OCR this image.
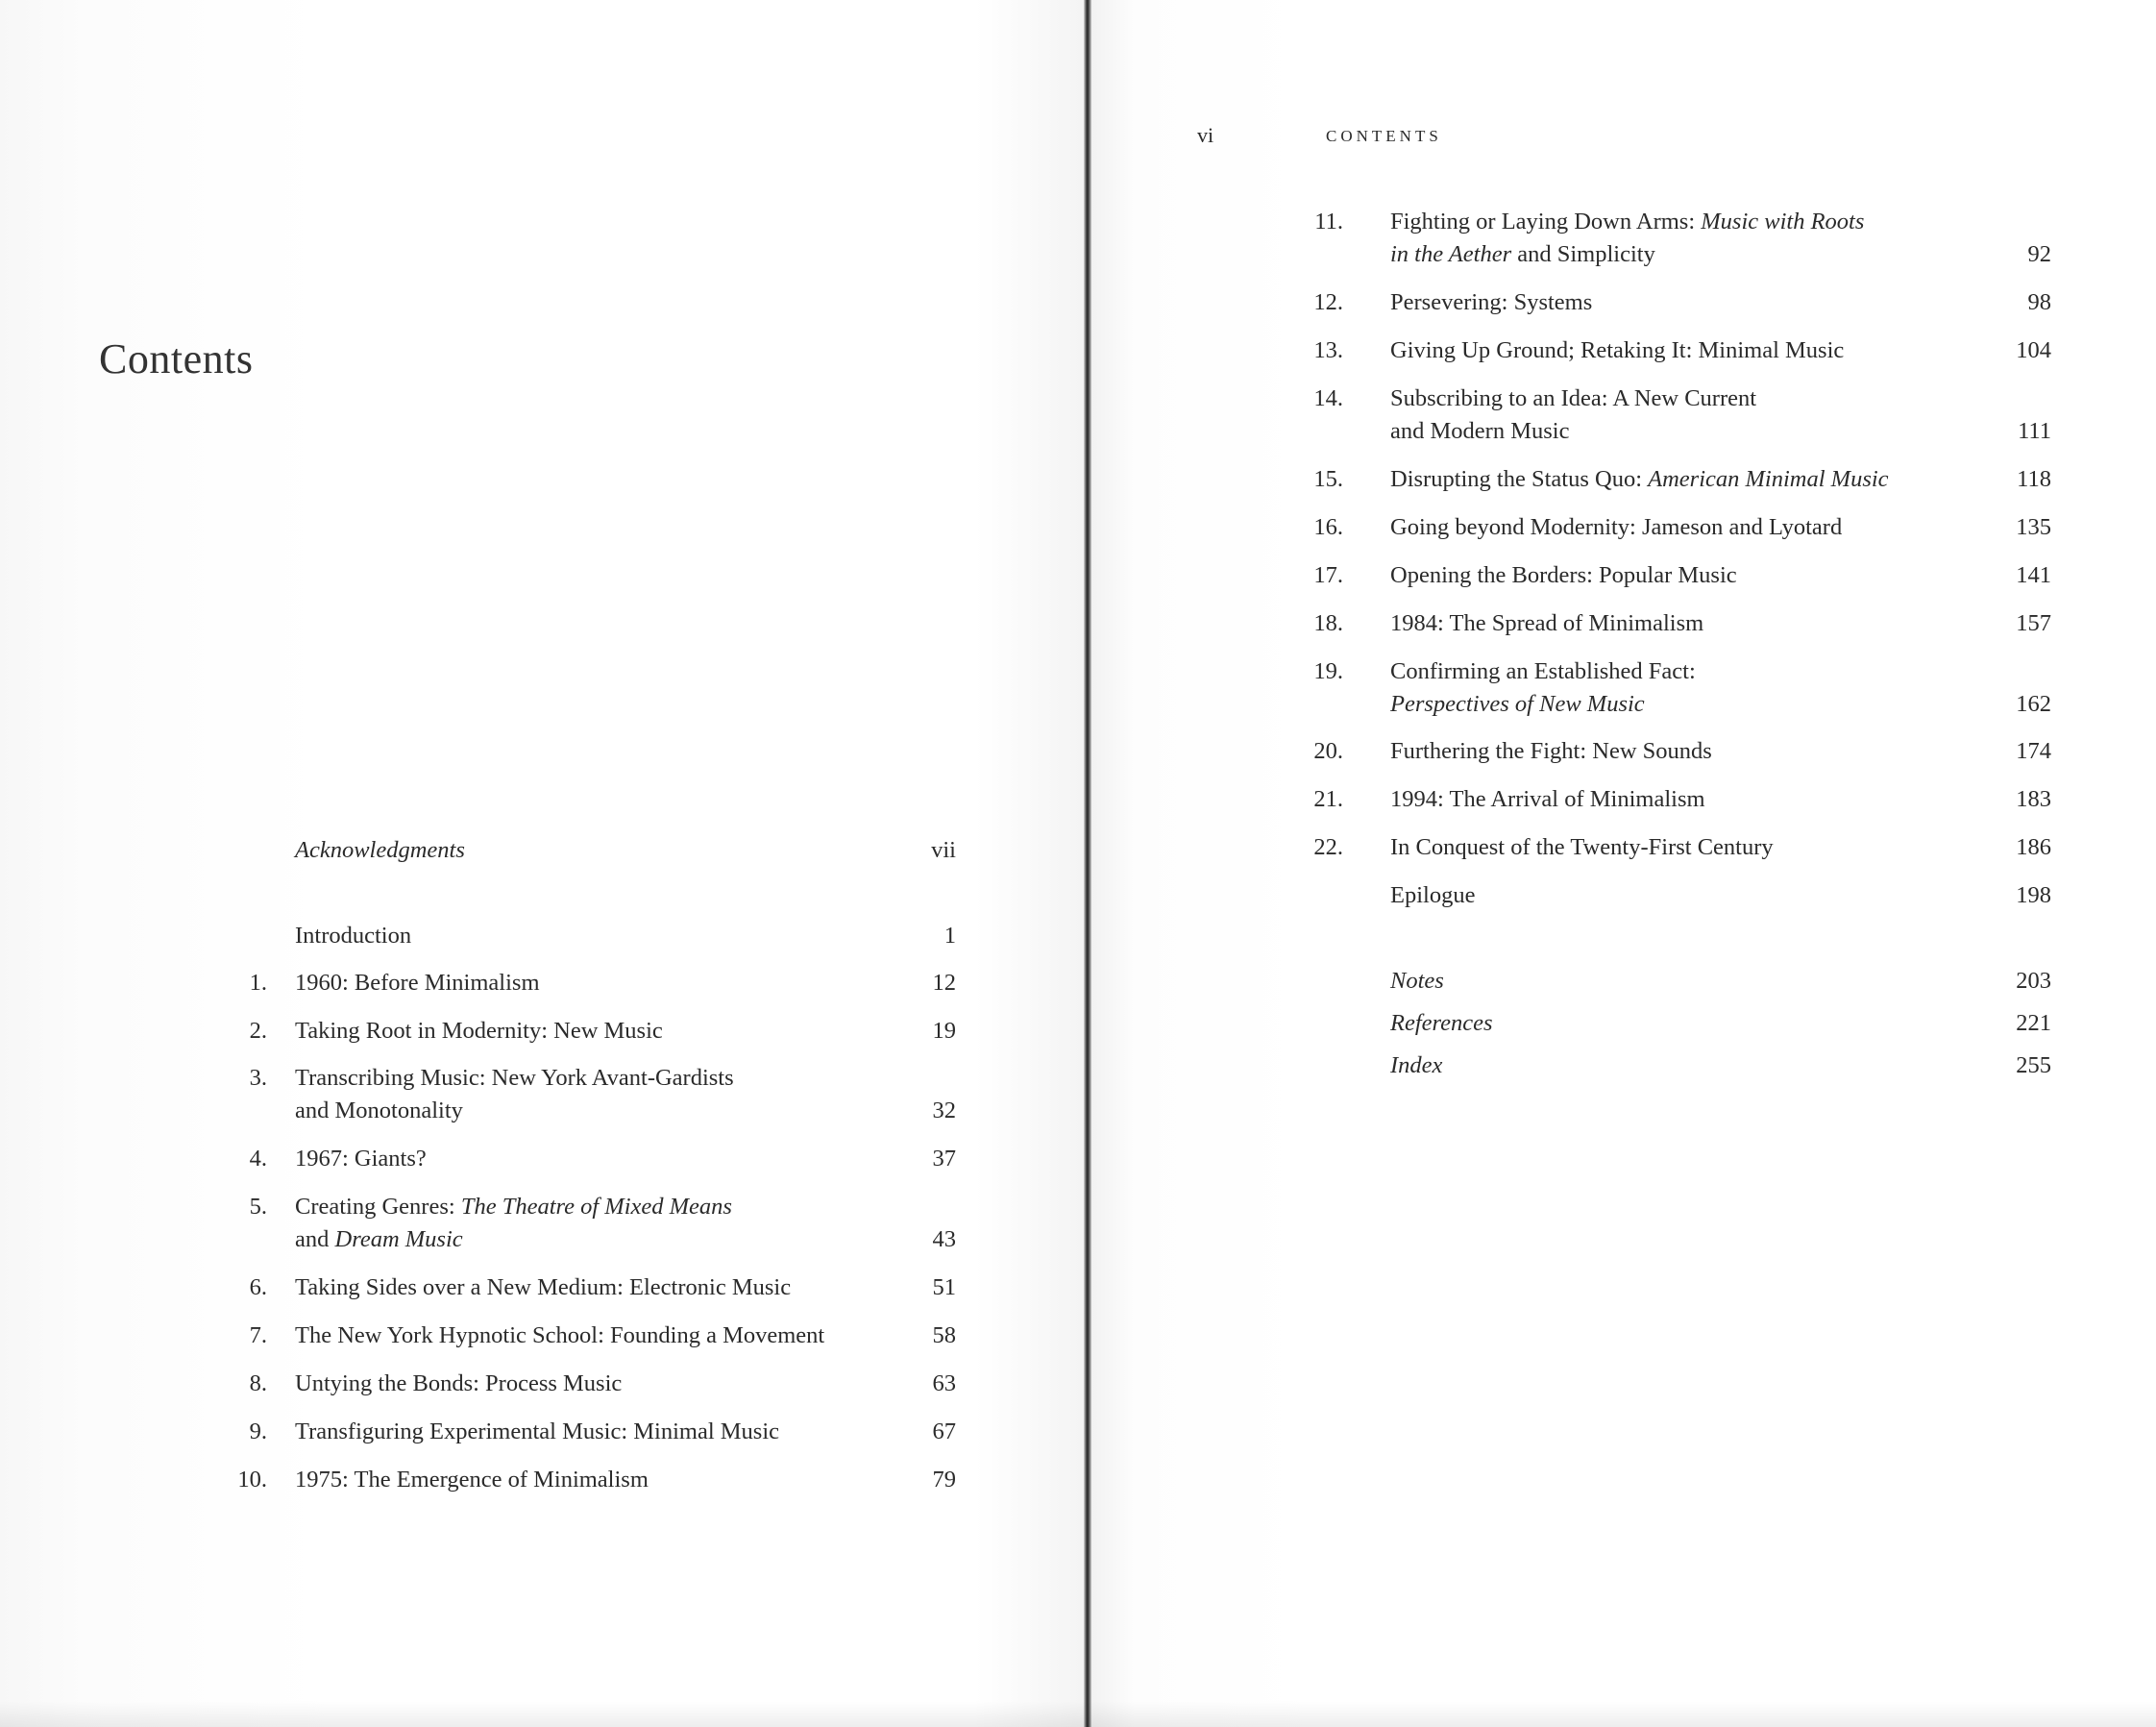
Contents
Acknowledgments	vii
Introduction	1
1. 1960: Before Minimalism	12
2. Taking Root in Modernity: New Music	19
3. Transcribing Music: New York Avant-Gardists
and Monotonality	32
4. 1967: Giants?	37
5. Creating Genres: The Theatre of Mixed Means
and Dream Music	43
6. Taking Sides over a New Medium: Electronic Music	51
7. The New York Hypnotic School: Founding a Movement	58
8. Untying the Bonds: Process Music	63
9. Transfiguring Experimental Music: Minimal Music	67
10. 1975: The Emergence of Minimalism	79
vi	CONTENTS
11. Fighting or Laying Down Arms: Music with Roots
in the Aether and Simplicity	92
12. Persevering: Systems	98
13. Giving Up Ground; Retaking It: Minimal Music	104
14. Subscribing to an Idea: A New Current
and Modern Music	111
15. Disrupting the Status Quo: American Minimal Music	118
16. Going beyond Modernity: Jameson and Lyotard	135
17. Opening the Borders: Popular Music	141
18. 1984: The Spread of Minimalism	157
19. Confirming an Established Fact:
Perspectives of New Music	162
20. Furthering the Fight: New Sounds	174
21. 1994: The Arrival of Minimalism	183
22. In Conquest of the Twenty-First Century	186
Epilogue	198
Notes	203
References	221
Index	255
